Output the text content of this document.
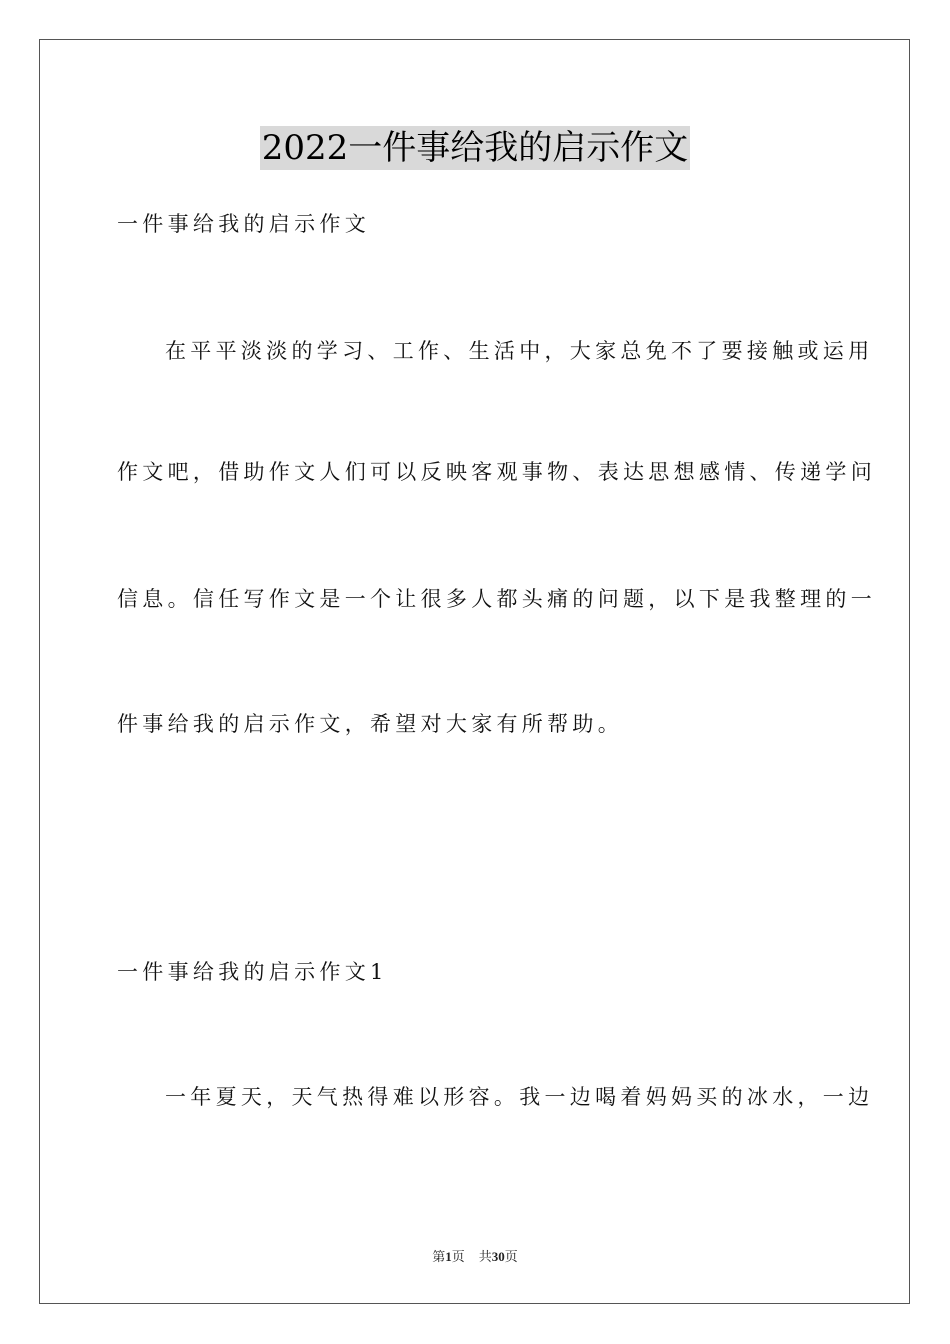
2022一件事给我的启示作文
一件事给我的启示作文
在平平淡淡的学习、工作、生活中，大家总免不了要接触或运用
作文吧，借助作文人们可以反映客观事物、表达思想感情、传递学问
信息。信任写作文是一个让很多人都头痛的问题，以下是我整理的一
件事给我的启示作文，希望对大家有所帮助。
一件事给我的启示作文1
一年夏天，天气热得难以形容。我一边喝着妈妈买的冰水，一边
第1页 共30页
